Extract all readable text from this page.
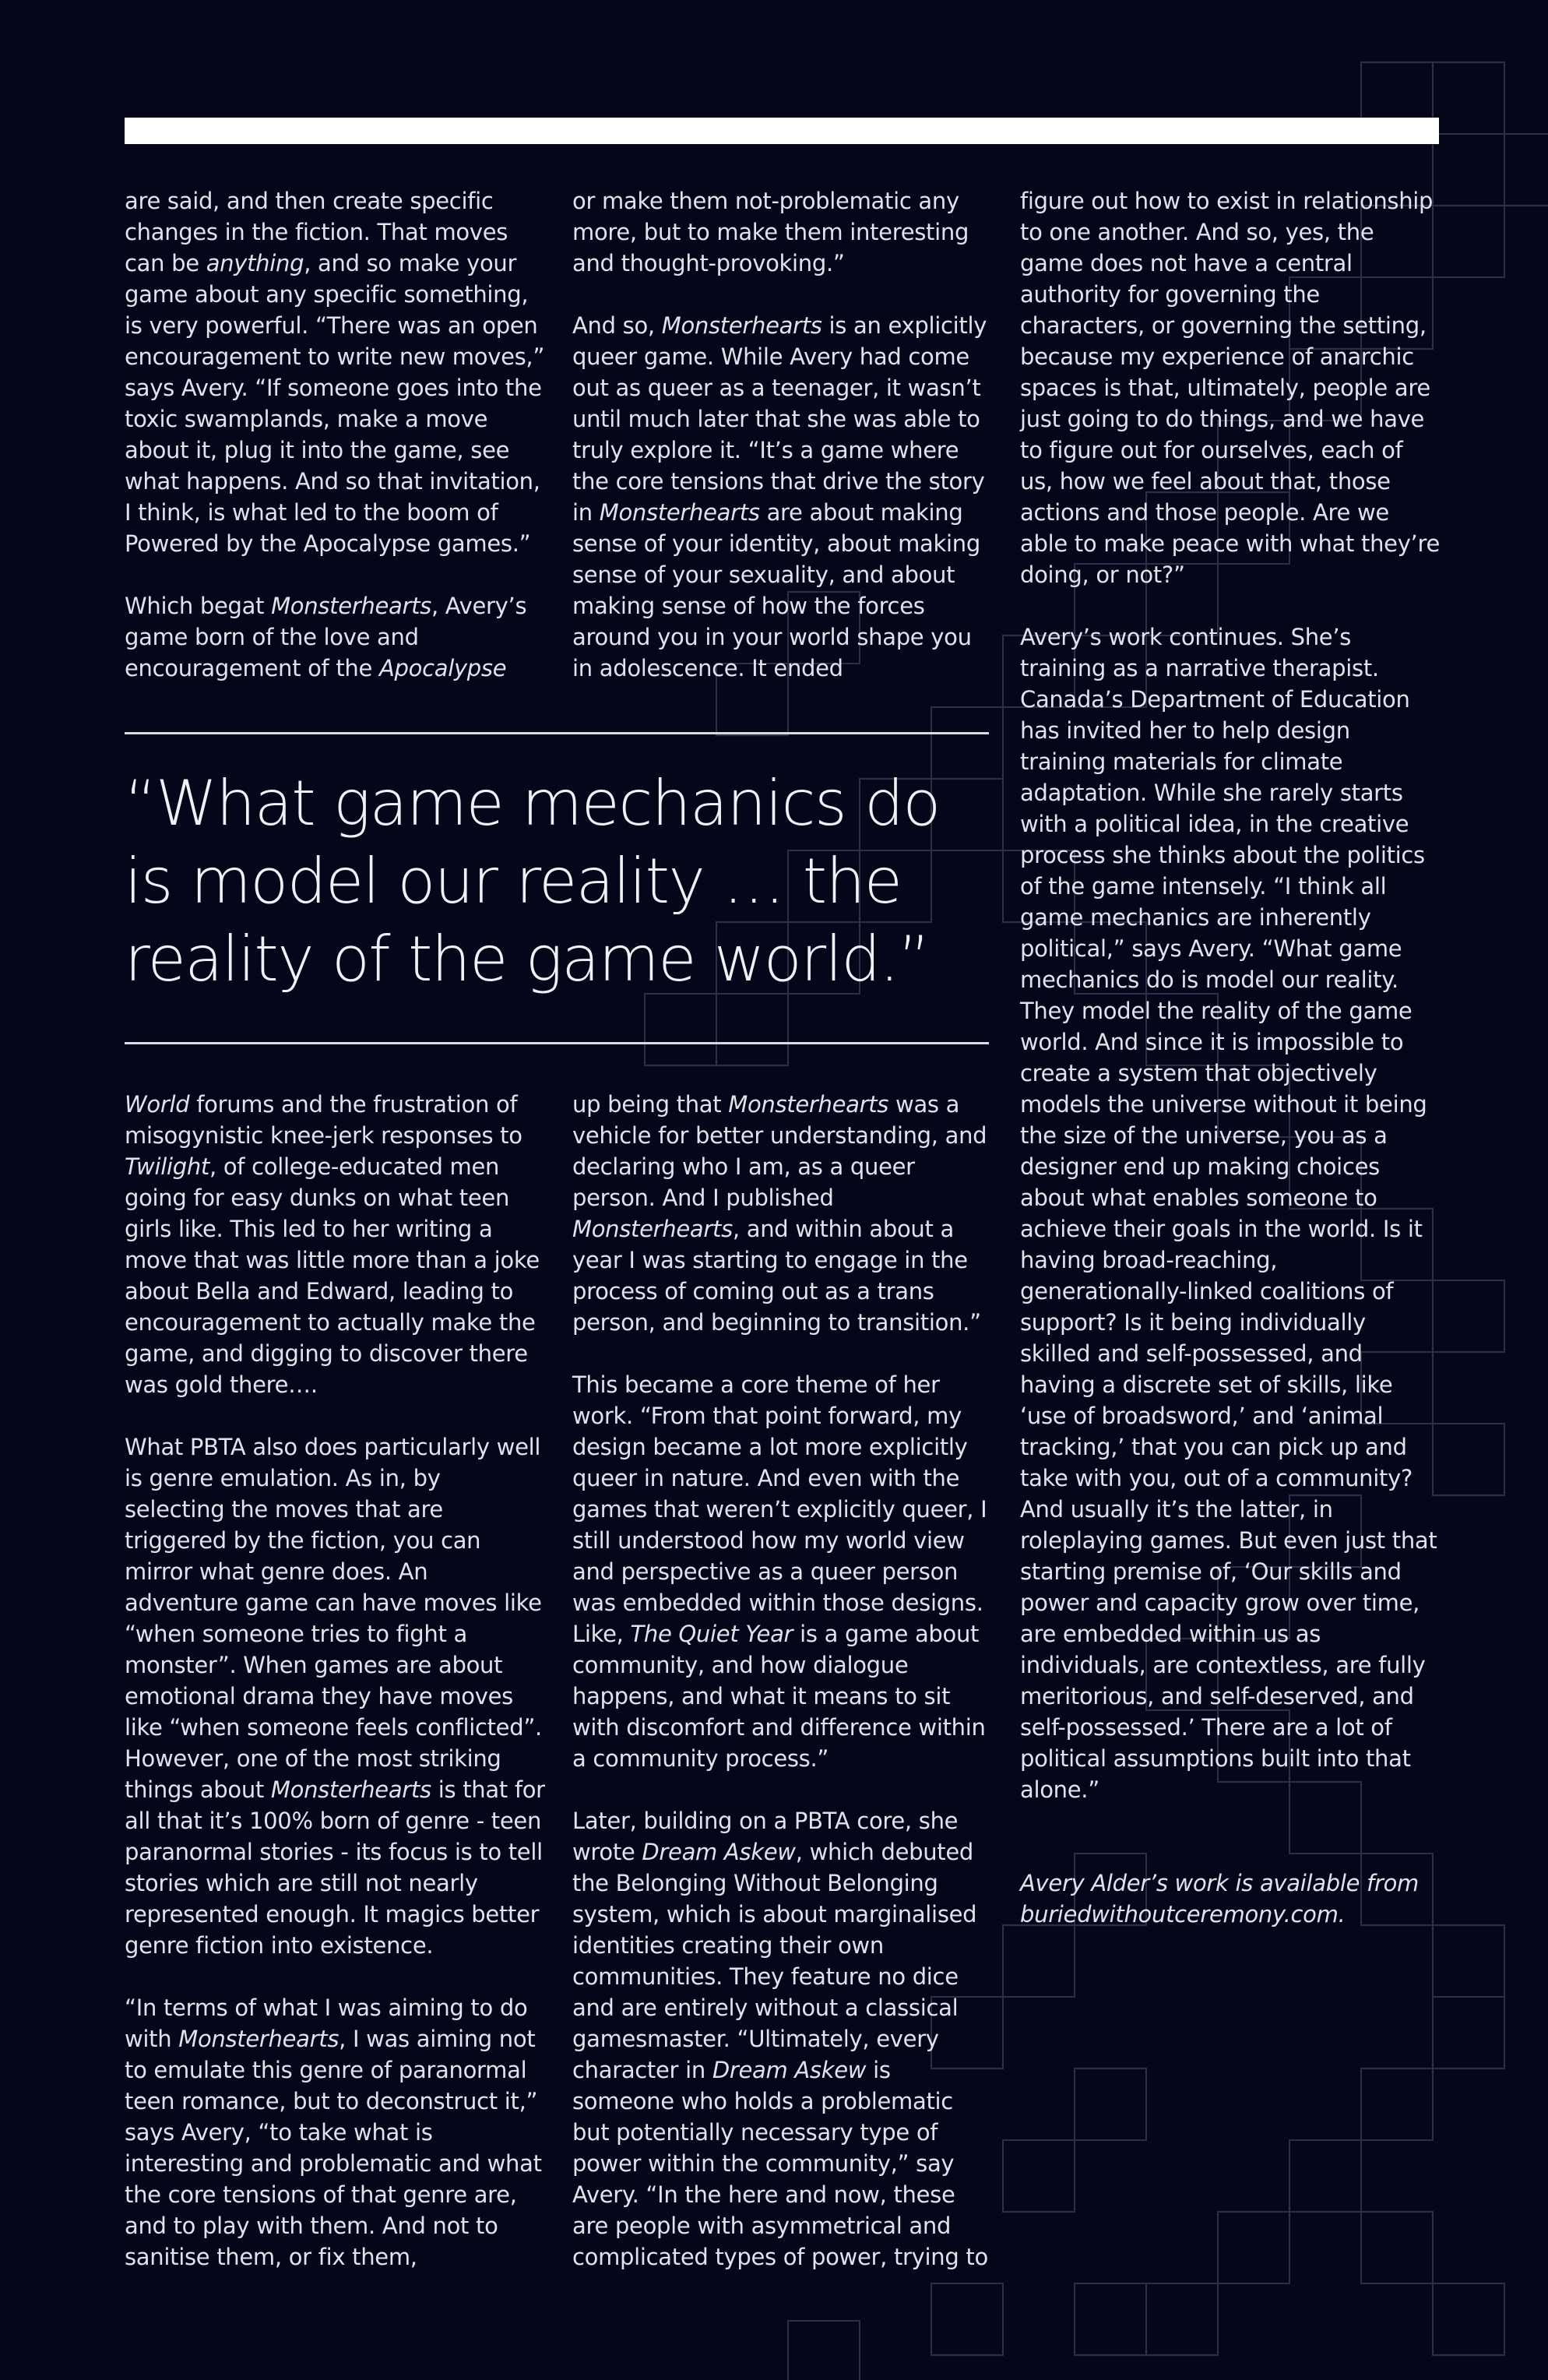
are said, and then create specific changes in the fiction. That moves can be anything, and so make your game about any specific something, is very powerful. “There was an open encouragement to write new moves,” says Avery. “If someone goes into the toxic swamplands, make a move about it, plug it into the game, see what happens. And so that invitation, I think, is what led to the boom of Powered by the Apocalypse games.”

Which begat Monsterhearts, Avery’s game born of the love and encouragement of the Apocalypse

or make them not-problematic any more, but to make them interesting and thought-provoking.”

And so, Monsterhearts is an explicitly queer game. While Avery had come out as queer as a teenager, it wasn’t until much later that she was able to truly explore it. “It’s a game where the core tensions that drive the story in Monsterhearts are about making sense of your identity, about making sense of your sexuality, and about making sense of how the forces around you in your world shape you in adolescence. It ended

“What game mechanics do is model our reality … the reality of the game world.”

World forums and the frustration of misogynistic knee-jerk responses to Twilight, of college-educated men going for easy dunks on what teen girls like. This led to her writing a move that was little more than a joke about Bella and Edward, leading to encouragement to actually make the game, and digging to discover there was gold there….

What PBTA also does particularly well is genre emulation. As in, by selecting the moves that are triggered by the fiction, you can mirror what genre does. An adventure game can have moves like “when someone tries to fight a monster”. When games are about emotional drama they have moves like “when someone feels conflicted”. However, one of the most striking things about Monsterhearts is that for all that it’s 100% born of genre - teen paranormal stories - its focus is to tell stories which are still not nearly represented enough. It magics better genre fiction into existence.

“In terms of what I was aiming to do with Monsterhearts, I was aiming not to emulate this genre of paranormal teen romance, but to deconstruct it,” says Avery, “to take what is interesting and problematic and what the core tensions of that genre are, and to play with them. And not to sanitise them, or fix them,

up being that Monsterhearts was a vehicle for better understanding, and declaring who I am, as a queer person. And I published Monsterhearts, and within about a year I was starting to engage in the process of coming out as a trans person, and beginning to transition.”

This became a core theme of her work. “From that point forward, my design became a lot more explicitly queer in nature. And even with the games that weren’t explicitly queer, I still understood how my world view and perspective as a queer person was embedded within those designs. Like, The Quiet Year is a game about community, and how dialogue happens, and what it means to sit with discomfort and difference within a community process.”

Later, building on a PBTA core, she wrote Dream Askew, which debuted the Belonging Without Belonging system, which is about marginalised identities creating their own communities. They feature no dice and are entirely without a classical gamesmaster. “Ultimately, every character in Dream Askew is someone who holds a problematic but potentially necessary type of power within the community,” say Avery. “In the here and now, these are people with asymmetrical and complicated types of power, trying to

figure out how to exist in relationship to one another. And so, yes, the game does not have a central authority for governing the characters, or governing the setting, because my experience of anarchic spaces is that, ultimately, people are just going to do things, and we have to figure out for ourselves, each of us, how we feel about that, those actions and those people. Are we able to make peace with what they’re doing, or not?”

Avery’s work continues. She’s training as a narrative therapist. Canada’s Department of Education has invited her to help design training materials for climate adaptation. While she rarely starts with a political idea, in the creative process she thinks about the politics of the game intensely. “I think all game mechanics are inherently political,” says Avery. “What game mechanics do is model our reality. They model the reality of the game world. And since it is impossible to create a system that objectively models the universe without it being the size of the universe, you as a designer end up making choices about what enables someone to achieve their goals in the world. Is it having broad-reaching, generationally-linked coalitions of support? Is it being individually skilled and self-possessed, and having a discrete set of skills, like ‘use of broadsword,’ and ‘animal tracking,’ that you can pick up and take with you, out of a community? And usually it’s the latter, in roleplaying games. But even just that starting premise of, ‘Our skills and power and capacity grow over time, are embedded within us as individuals, are contextless, are fully meritorious, and self-deserved, and self-possessed.’ There are a lot of political assumptions built into that alone.”

Avery Alder’s work is available from buriedwithoutceremony.com.
